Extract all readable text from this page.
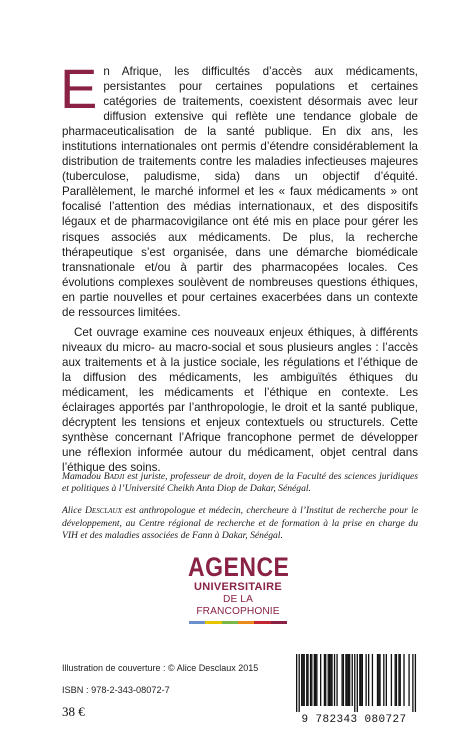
En Afrique, les difficultés d’accès aux médicaments, persistantes pour certaines populations et certaines catégories de traitements, coexistent désormais avec leur diffusion extensive qui reflète une tendance globale de pharmaceuticalisation de la santé publique. En dix ans, les institutions internationales ont permis d’étendre considérablement la distribution de traitements contre les maladies infectieuses majeures (tuberculose, paludisme, sida) dans un objectif d’équité. Parallèlement, le marché informel et les « faux médicaments » ont focalisé l’attention des médias internationaux, et des dispositifs légaux et de pharmacovigilance ont été mis en place pour gérer les risques associés aux médicaments. De plus, la recherche thérapeutique s’est organisée, dans une démarche biomédicale transnationale et/ou à partir des pharmacopées locales. Ces évolutions complexes soulèvent de nombreuses questions éthiques, en partie nouvelles et pour certaines exacerbées dans un contexte de ressources limitées.

Cet ouvrage examine ces nouveaux enjeux éthiques, à différents niveaux du micro- au macro-social et sous plusieurs angles : l’accès aux traitements et à la justice sociale, les régulations et l’éthique de la diffusion des médicaments, les ambiguïtés éthiques du médicament, les médicaments et l’éthique en contexte. Les éclairages apportés par l’anthropologie, le droit et la santé publique, décryptent les tensions et enjeux contextuels ou structurels. Cette synthèse concernant l’Afrique francophone permet de développer une réflexion informée autour du médicament, objet central dans l’éthique des soins.

Mamadou Badji est juriste, professeur de droit, doyen de la Faculté des sciences juridiques et politiques à l’Université Cheikh Anta Diop de Dakar, Sénégal.

Alice Desclaux est anthropologue et médecin, chercheure à l’Institut de recherche pour le développement, au Centre régional de recherche et de formation à la prise en charge du VIH et des maladies associées de Fann à Dakar, Sénégal.

AGENCE
UNIVERSITAIRE
DE LA FRANCOPHONIE
Illustration de couverture : © Alice Desclaux 2015
ISBN : 978-2-343-08072-7
38 €
9 782343 080727
